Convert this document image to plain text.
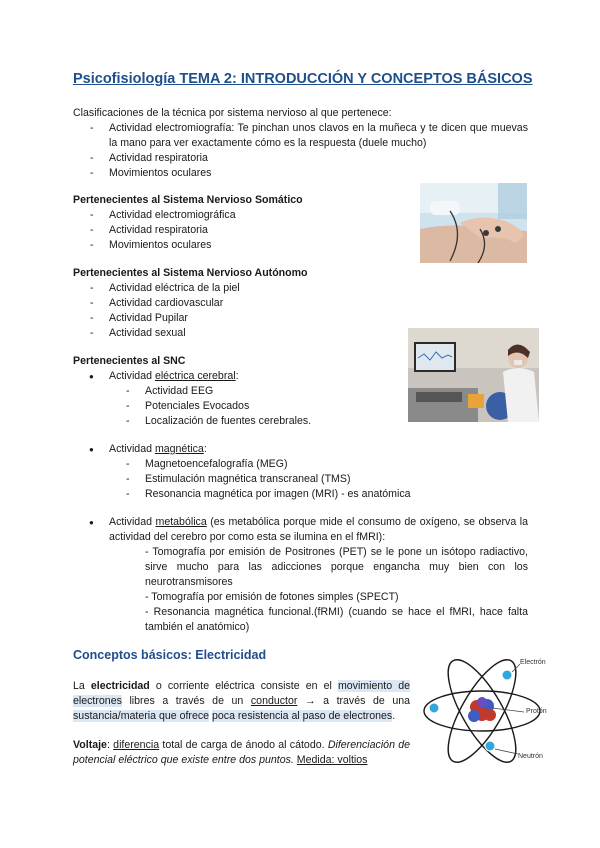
Psicofisiología TEMA 2: INTRODUCCIÓN Y CONCEPTOS BÁSICOS
Clasificaciones de la técnica por sistema nervioso al que pertenece:
- Actividad electromiografía: Te pinchan unos clavos en la muñeca y te dicen que muevas la mano para ver exactamente cómo es la respuesta (duele mucho)
- Actividad respiratoria
- Movimientos oculares
Pertenecientes al Sistema Nervioso Somático
- Actividad electromiográfica
- Actividad respiratoria
- Movimientos oculares
Pertenecientes al Sistema Nervioso Autónomo
- Actividad eléctrica de la piel
- Actividad cardiovascular
- Actividad Pupilar
- Actividad sexual
Pertenecientes al SNC
● Actividad eléctrica cerebral:
- Actividad EEG
- Potenciales Evocados
- Localización de fuentes cerebrales.
● Actividad magnética:
- Magnetoencefalografía (MEG)
- Estimulación magnética transcraneal (TMS)
- Resonancia magnética por imagen (MRI) - es anatómica
● Actividad metabólica (es metabólica porque mide el consumo de oxígeno, se observa la actividad del cerebro por como esta se ilumina en el fMRI):
- Tomografía por emisión de Positrones (PET) se le pone un isótopo radiactivo, sirve mucho para las adicciones porque engancha muy bien con los neurotransmisores
- Tomografía por emisión de fotones simples (SPECT)
- Resonancia magnética funcional.(fRMI) (cuando se hace el fMRI, hace falta también el anatómico)
Conceptos básicos: Electricidad
La electricidad o corriente eléctrica consiste en el movimiento de electrones libres a través de un conductor → a través de una sustancia/materia que ofrece poca resistencia al paso de electrones.
Voltaje: diferencia total de carga de ánodo al cátodo. Diferenciación de potencial eléctrico que existe entre dos puntos. Medida: voltios
Electrón
Protón
Neutrón
